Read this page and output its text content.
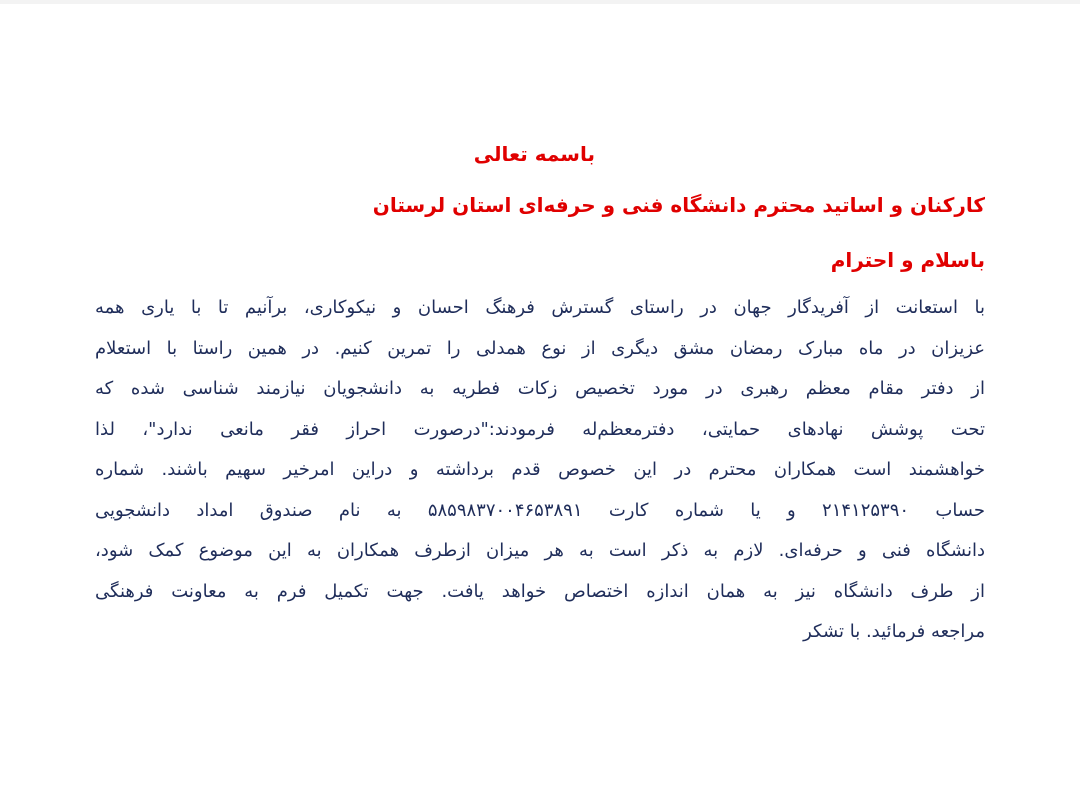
باسمه تعالی

کارکنان و اساتید محترم دانشگاه فنی و حرفه‌ای استان لرستان

باسلام و احترام

با استعانت از آفریدگار جهان در راستای گسترش فرهنگ احسان و نیکوکاری، برآنیم تا با یاری همه
عزیزان در ماه مبارک رمضان مشق دیگری از نوع همدلی را تمرین کنیم. در همین راستا با استعلام
از دفتر مقام معظم رهبری در مورد تخصیص زکات فطریه به دانشجویان نیازمند شناسی شده که
تحت پوشش نهادهای حمایتی، دفترمعظم‌له فرمودند:"درصورت احراز فقر مانعی ندارد"، لذا
خواهشمند است همکاران محترم در این خصوص قدم برداشته و دراین امرخیر سهیم باشند. شماره
حساب ۲۱۴۱۲۵۳۹۰ و یا شماره کارت ۵۸۵۹۸۳۷۰۰۴۶۵۳۸۹۱ به نام صندوق امداد دانشجویی
دانشگاه فنی و حرفه‌ای. لازم به ذکر است به هر میزان ازطرف همکاران به این موضوع کمک شود،
از طرف دانشگاه نیز به همان اندازه اختصاص خواهد یافت. جهت تکمیل فرم به معاونت فرهنگی
مراجعه فرمائید. با تشکر
